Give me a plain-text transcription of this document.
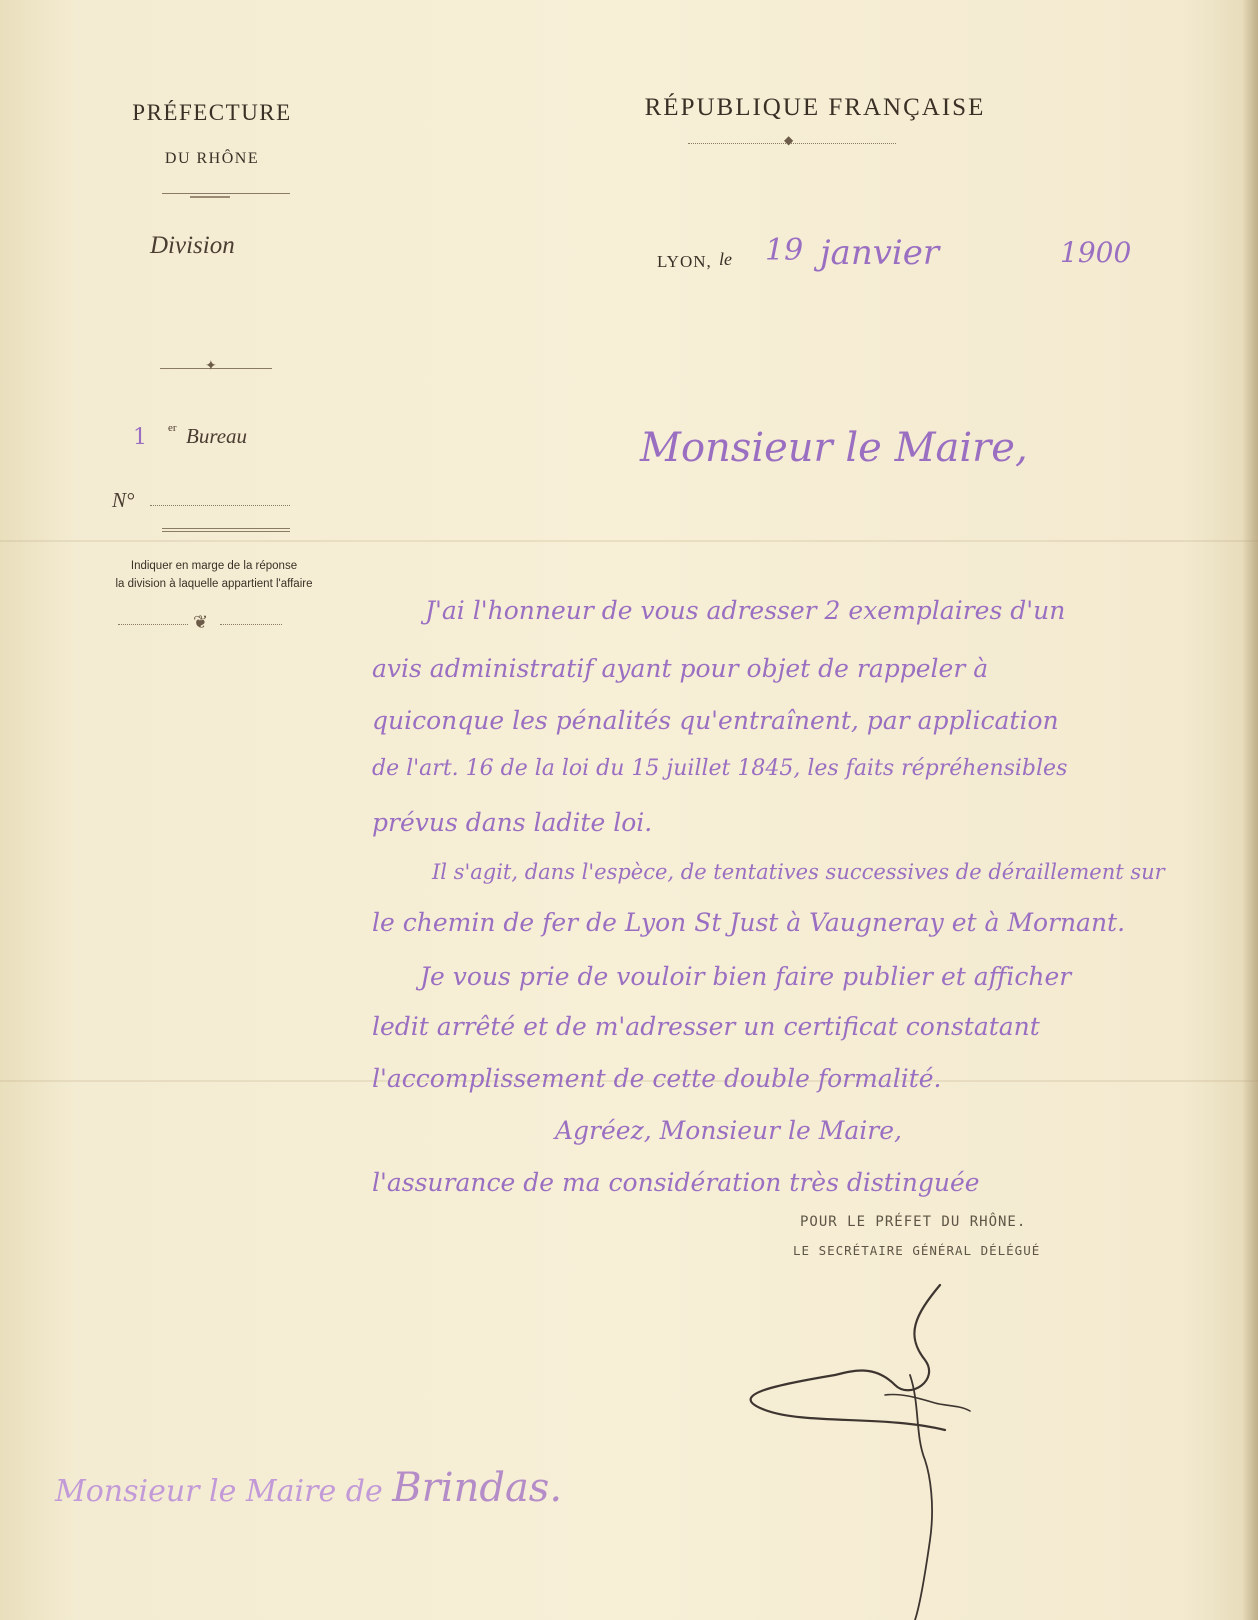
PRÉFECTURE
DU RHÔNE
Division
✦
1 er Bureau
N°
Indiquer en marge de la réponse
la division à laquelle appartient l'affaire
❦
RÉPUBLIQUE FRANÇAISE
◆
LYON, le 19 janvier	1900
Monsieur le Maire,
J'ai l'honneur de vous adresser 2 exemplaires d'un
avis administratif ayant pour objet de rappeler à
quiconque les pénalités qu'entraînent, par application
de l'art. 16 de la loi du 15 juillet 1845, les faits répréhensibles
prévus dans ladite loi.
Il s'agit, dans l'espèce, de tentatives successives de déraillement sur
le chemin de fer de Lyon St Just à Vaugneray et à Mornant.
Je vous prie de vouloir bien faire publier et afficher
ledit arrêté et de m'adresser un certificat constatant
l'accomplissement de cette double formalité.
Agréez, Monsieur le Maire,
l'assurance de ma considération très distinguée
POUR LE PRÉFET DU RHÔNE.
LE SECRÉTAIRE GÉNÉRAL DÉLÉGUÉ
Monsieur le Maire de Brindas.
